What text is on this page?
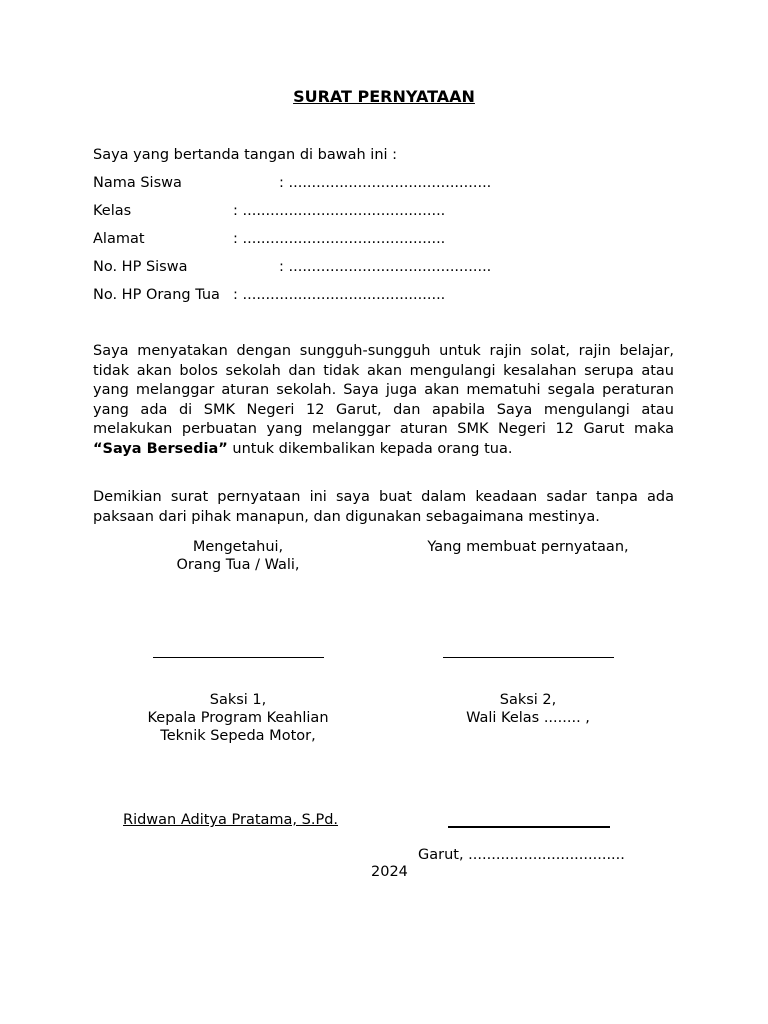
SURAT PERNYATAAN
Saya yang bertanda tangan di bawah ini :
Nama Siswa	: ............................................
Kelas	: ............................................
Alamat	: ............................................
No. HP Siswa	: ............................................
No. HP Orang Tua : ............................................
Saya menyatakan dengan sungguh-sungguh untuk rajin solat, rajin belajar, tidak akan bolos sekolah dan tidak akan mengulangi kesalahan serupa atau yang melanggar aturan sekolah. Saya juga akan mematuhi segala peraturan yang ada di SMK Negeri 12 Garut, dan apabila Saya mengulangi atau melakukan perbuatan yang melanggar aturan SMK Negeri 12 Garut maka “Saya Bersedia” untuk dikembalikan kepada orang tua.
Demikian surat pernyataan ini saya buat dalam keadaan sadar tanpa ada paksaan dari pihak manapun, dan digunakan sebagaimana mestinya.
Mengetahui,
Orang Tua / Wali,
Yang membuat pernyataan,
Saksi 1,
Kepala Program Keahlian
Teknik Sepeda Motor,
Saksi 2,
Wali Kelas ........ ,
Ridwan Aditya Pratama, S.Pd.
Garut, ..................................
2024
